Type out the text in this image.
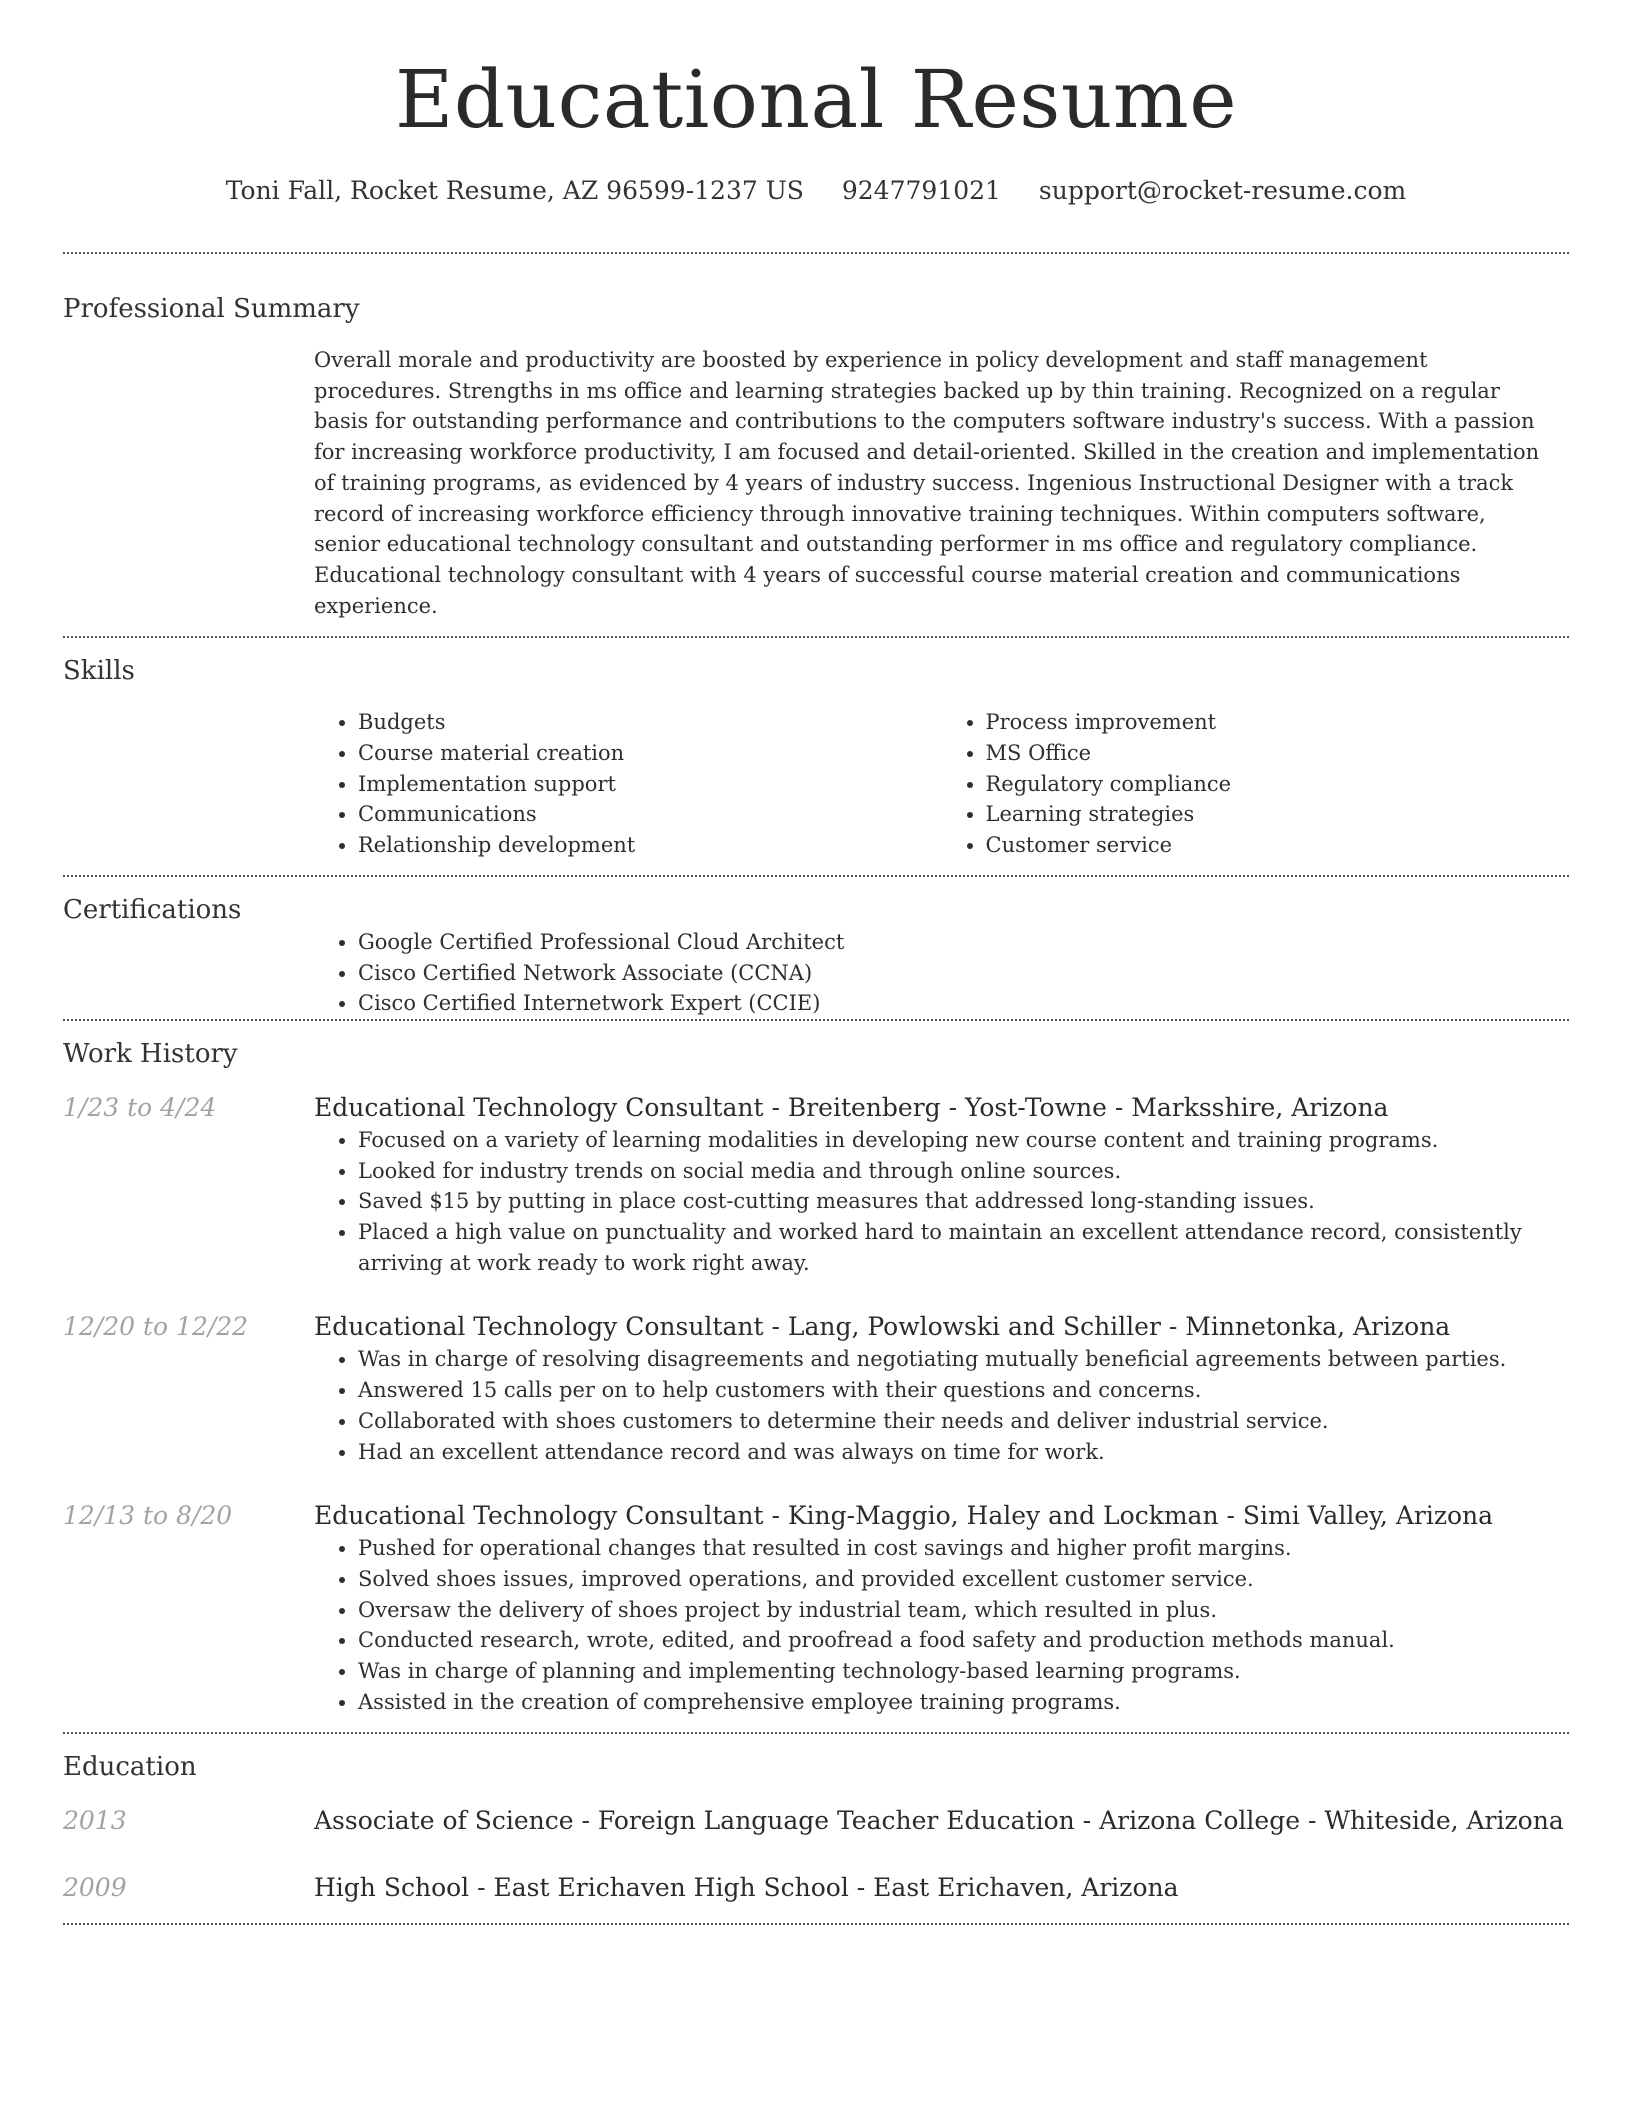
Educational Resume
Toni Fall, Rocket Resume, AZ 96599-1237 US 9247791021 support@rocket-resume.com
Professional Summary
Overall morale and productivity are boosted by experience in policy development and staff management procedures. Strengths in ms office and learning strategies backed up by thin training. Recognized on a regular basis for outstanding performance and contributions to the computers software industry's success. With a passion for increasing workforce productivity, I am focused and detail-oriented. Skilled in the creation and implementation of training programs, as evidenced by 4 years of industry success. Ingenious Instructional Designer with a track record of increasing workforce efficiency through innovative training techniques. Within computers software, senior educational technology consultant and outstanding performer in ms office and regulatory compliance. Educational technology consultant with 4 years of successful course material creation and communications experience.
Skills
• Budgets
• Course material creation
• Implementation support
• Communications
• Relationship development
• Process improvement
• MS Office
• Regulatory compliance
• Learning strategies
• Customer service
Certifications
• Google Certified Professional Cloud Architect
• Cisco Certified Network Associate (CCNA)
• Cisco Certified Internetwork Expert (CCIE)
Work History
1/23 to 4/24	Educational Technology Consultant - Breitenberg - Yost-Towne - Marksshire, Arizona
• Focused on a variety of learning modalities in developing new course content and training programs.
• Looked for industry trends on social media and through online sources.
• Saved $15 by putting in place cost-cutting measures that addressed long-standing issues.
• Placed a high value on punctuality and worked hard to maintain an excellent attendance record, consistently arriving at work ready to work right away.
12/20 to 12/22	Educational Technology Consultant - Lang, Powlowski and Schiller - Minnetonka, Arizona
• Was in charge of resolving disagreements and negotiating mutually beneficial agreements between parties.
• Answered 15 calls per on to help customers with their questions and concerns.
• Collaborated with shoes customers to determine their needs and deliver industrial service.
• Had an excellent attendance record and was always on time for work.
12/13 to 8/20	Educational Technology Consultant - King-Maggio, Haley and Lockman - Simi Valley, Arizona
• Pushed for operational changes that resulted in cost savings and higher profit margins.
• Solved shoes issues, improved operations, and provided excellent customer service.
• Oversaw the delivery of shoes project by industrial team, which resulted in plus.
• Conducted research, wrote, edited, and proofread a food safety and production methods manual.
• Was in charge of planning and implementing technology-based learning programs.
• Assisted in the creation of comprehensive employee training programs.
Education
2013	Associate of Science - Foreign Language Teacher Education - Arizona College - Whiteside, Arizona
2009	High School - East Erichaven High School - East Erichaven, Arizona
